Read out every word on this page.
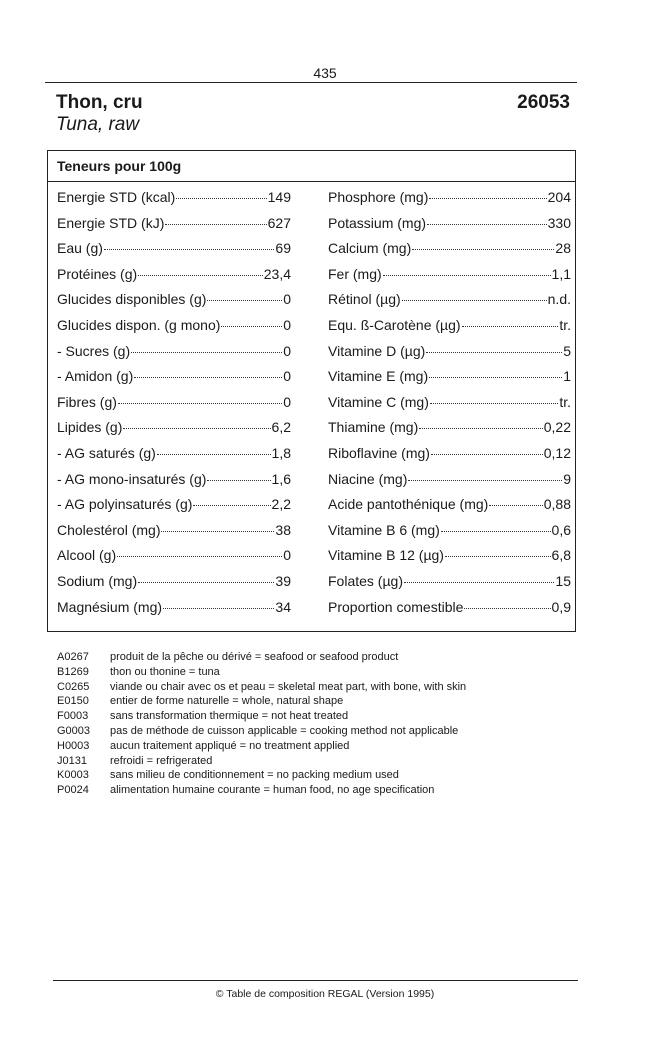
435
Thon, cru
Tuna, raw
26053
Teneurs pour 100g
Energie STD (kcal)	149
Energie STD (kJ)	627
Eau (g)	69
Protéines (g)	23,4
Glucides disponibles (g)	0
Glucides dispon. (g mono)	0
- Sucres (g)	0
- Amidon (g)	0
Fibres (g)	0
Lipides (g)	6,2
- AG saturés (g)	1,8
- AG mono-insaturés (g)	1,6
- AG polyinsaturés (g)	2,2
Cholestérol (mg)	38
Alcool (g)	0
Sodium (mg)	39
Magnésium (mg)	34
Phosphore (mg)	204
Potassium (mg)	330
Calcium (mg)	28
Fer (mg)	1,1
Rétinol (µg)	n.d.
Equ. ß-Carotène (µg)	tr.
Vitamine D (µg)	5
Vitamine E (mg)	1
Vitamine C (mg)	tr.
Thiamine (mg)	0,22
Riboflavine (mg)	0,12
Niacine (mg)	9
Acide pantothénique (mg)	0,88
Vitamine B 6 (mg)	0,6
Vitamine B 12 (µg)	6,8
Folates (µg)	15
Proportion comestible	0,9
A0267	produit de la pêche ou dérivé = seafood or seafood product
B1269	thon ou thonine = tuna
C0265	viande ou chair avec os et peau = skeletal meat part, with bone, with skin
E0150	entier de forme naturelle = whole, natural shape
F0003	sans transformation thermique = not heat treated
G0003	pas de méthode de cuisson applicable = cooking method not applicable
H0003	aucun traitement appliqué = no treatment applied
J0131	refroidi = refrigerated
K0003	sans milieu de conditionnement = no packing medium used
P0024	alimentation humaine courante = human food, no age specification
© Table de composition REGAL (Version 1995)
